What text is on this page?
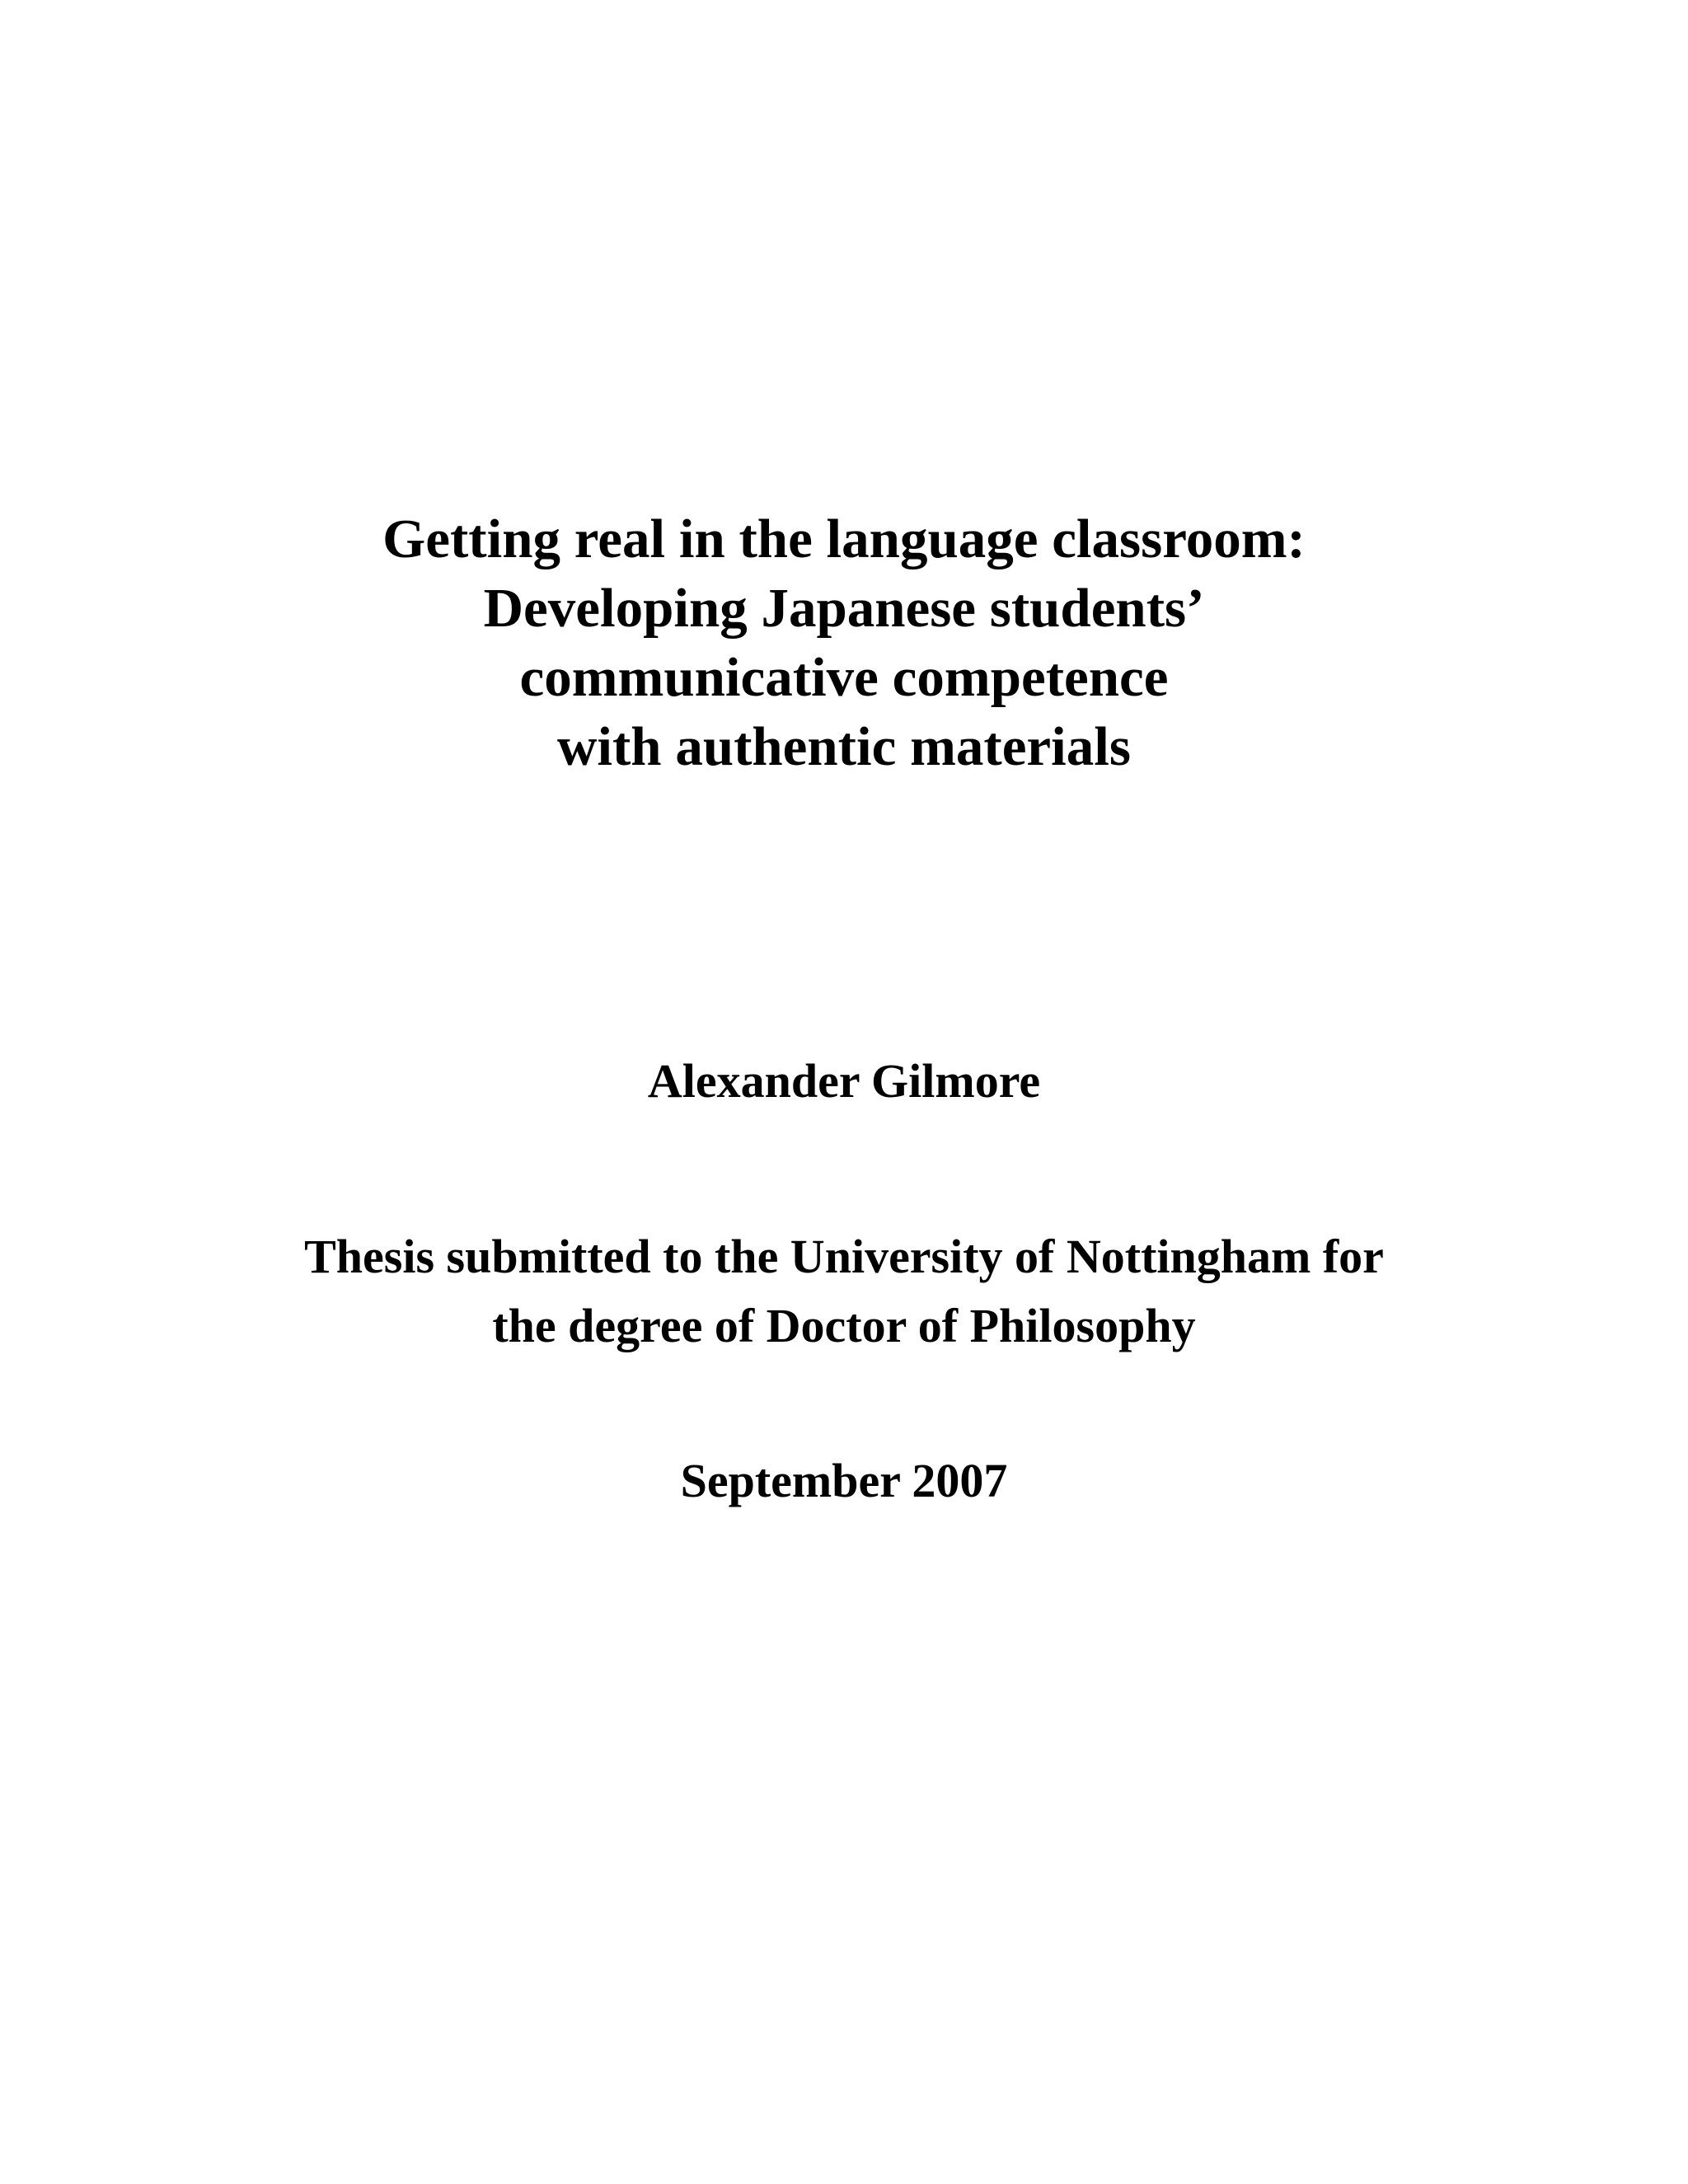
Getting real in the language classroom:
Developing Japanese students’
communicative competence
with authentic materials
Alexander Gilmore
Thesis submitted to the University of Nottingham for
the degree of Doctor of Philosophy
September 2007
